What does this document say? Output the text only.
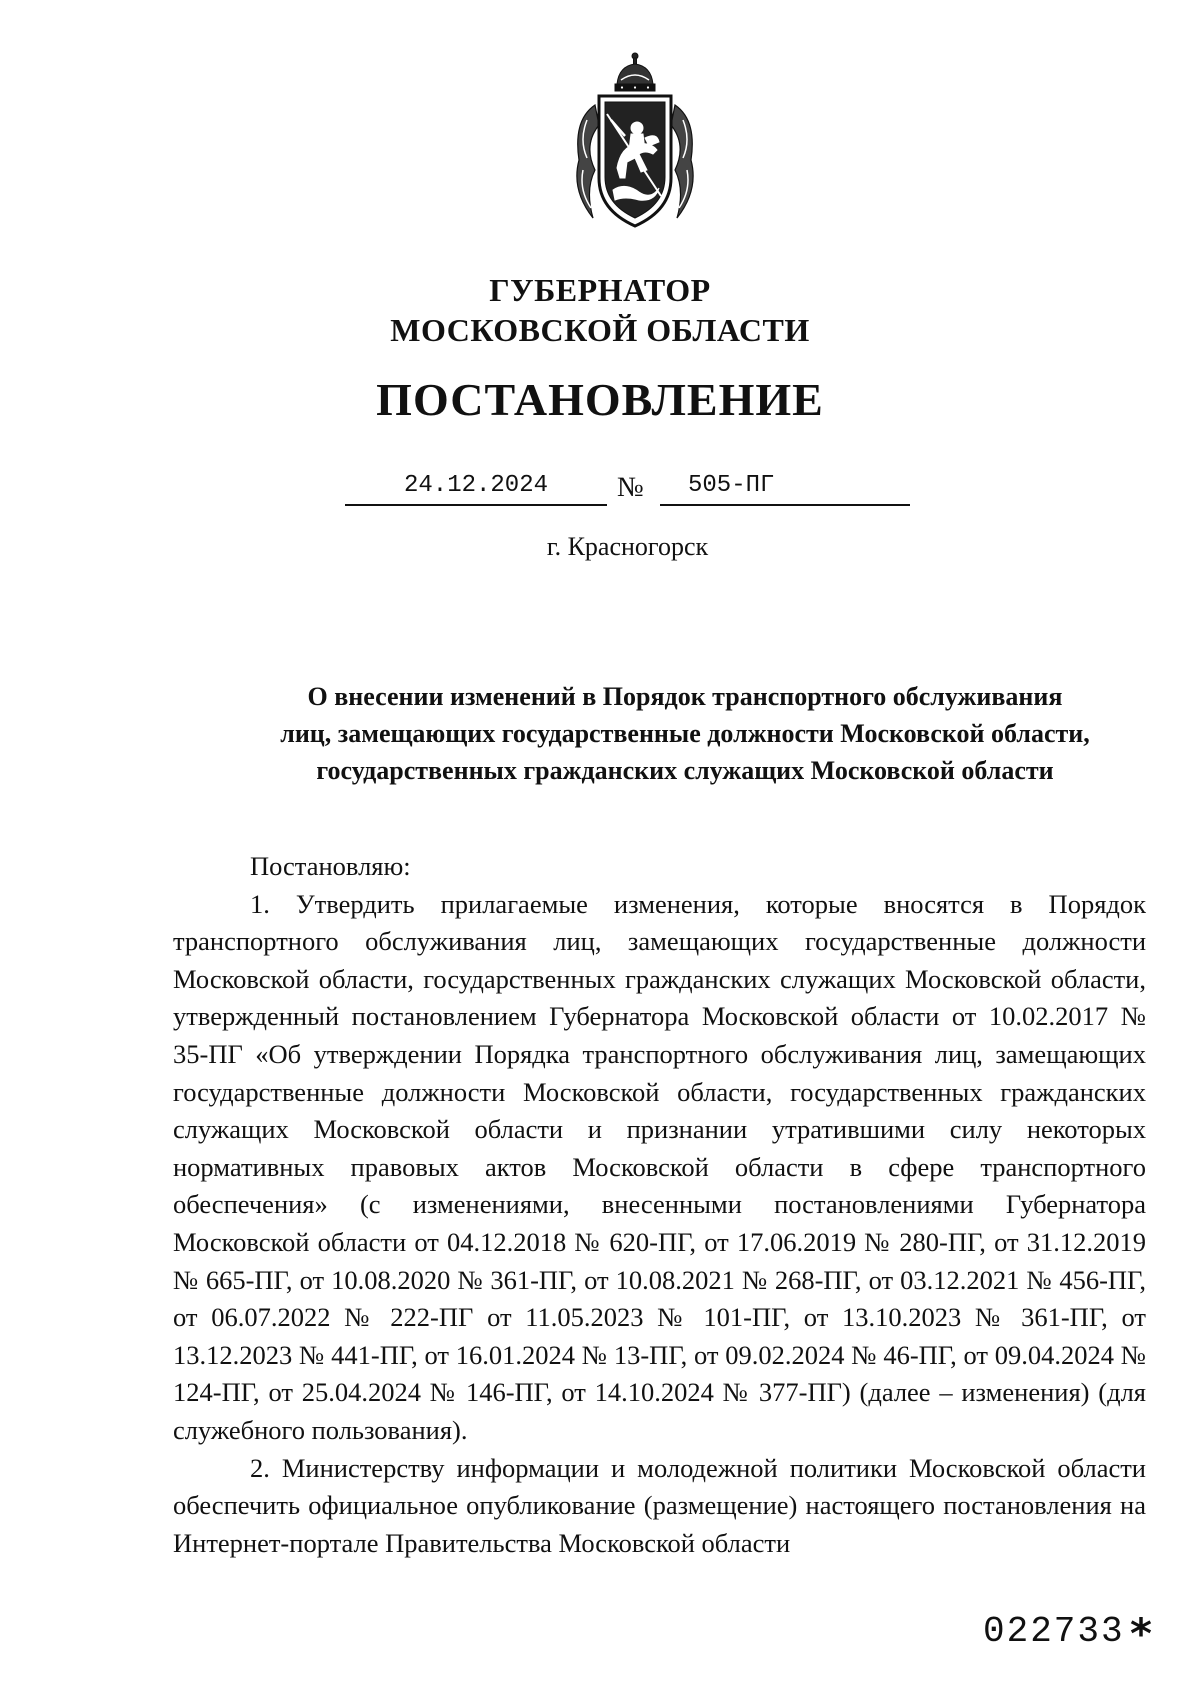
ГУБЕРНАТОР
МОСКОВСКОЙ ОБЛАСТИ
ПОСТАНОВЛЕНИЕ
24.12.2024	№	505-ПГ
г. Красногорск
О внесении изменений в Порядок транспортного обслуживания
лиц, замещающих государственные должности Московской области,
государственных гражданских служащих Московской области
Постановляю:

1. Утвердить прилагаемые изменения, которые вносятся в Порядок транспортного обслуживания лиц, замещающих государственные должности Московской области, государственных гражданских служащих Московской области, утвержденный постановлением Губернатора Московской области от 10.02.2017 № 35-ПГ «Об утверждении Порядка транспортного обслуживания лиц, замещающих государственные должности Московской области, государственных гражданских служащих Московской области и признании утратившими силу некоторых нормативных правовых актов Московской области в сфере транспортного обеспечения» (с изменениями, внесенными постановлениями Губернатора Московской области от 04.12.2018 № 620-ПГ, от 17.06.2019 № 280-ПГ, от 31.12.2019 № 665-ПГ, от 10.08.2020 № 361-ПГ, от 10.08.2021 № 268-ПГ, от 03.12.2021 № 456-ПГ, от 06.07.2022 № 222-ПГ от 11.05.2023 № 101-ПГ, от 13.10.2023 № 361-ПГ, от 13.12.2023 № 441-ПГ, от 16.01.2024 № 13-ПГ, от 09.02.2024 № 46-ПГ, от 09.04.2024 № 124-ПГ, от 25.04.2024 № 146-ПГ, от 14.10.2024 № 377-ПГ) (далее – изменения) (для служебного пользования).

2. Министерству информации и молодежной политики Московской области обеспечить официальное опубликование (размещение) настоящего постановления на Интернет-портале Правительства Московской области

022733 *
